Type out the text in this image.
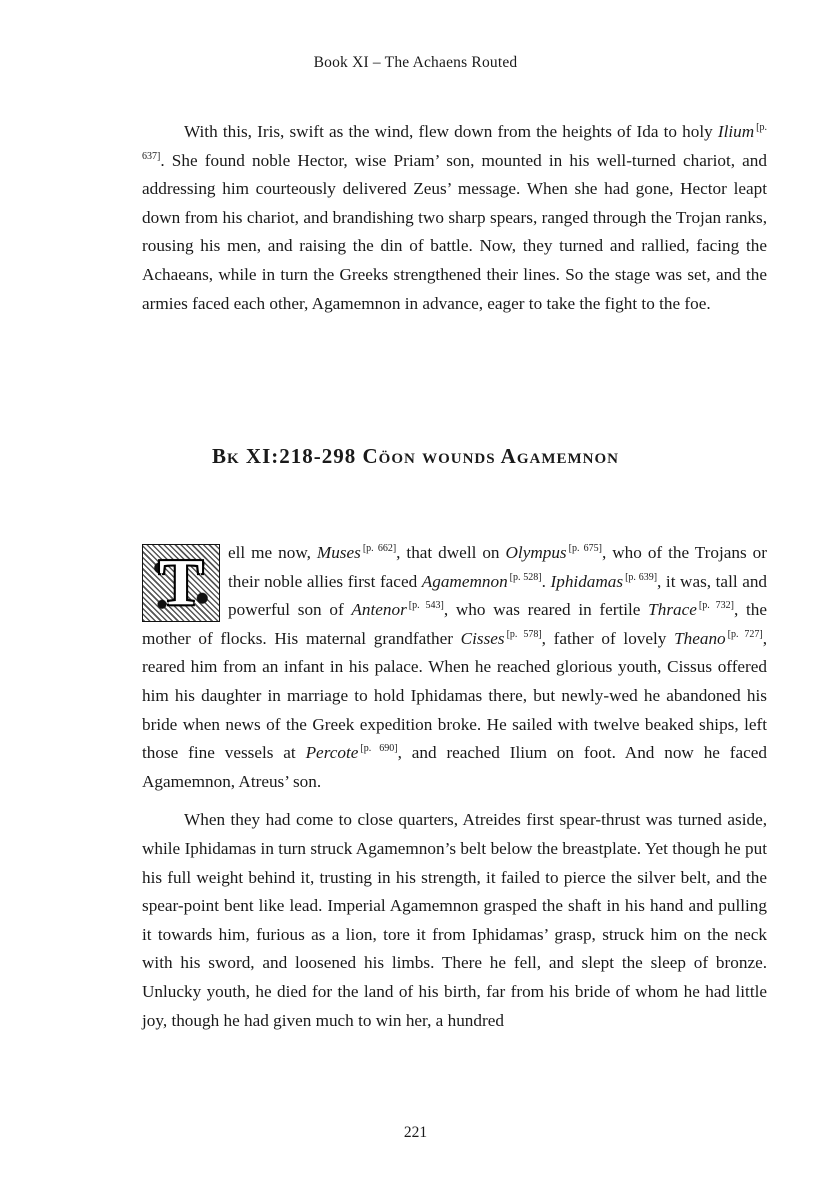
Book XI – The Achaens Routed

With this, Iris, swift as the wind, flew down from the heights of Ida to holy Ilium [p. 637]. She found noble Hector, wise Priam’ son, mounted in his well-turned chariot, and addressing him courteously delivered Zeus’ message. When she had gone, Hector leapt down from his chariot, and brandishing two sharp spears, ranged through the Trojan ranks, rousing his men, and raising the din of battle. Now, they turned and rallied, facing the Achaeans, while in turn the Greeks strengthened their lines. So the stage was set, and the armies faced each other, Agamemnon in advance, eager to take the fight to the foe.

Bk XI:218-298 Cöon wounds Agamemnon

T	ell me now, Muses [p. 662], that dwell on Olympus [p. 675], who of the Trojans or their noble allies first faced Agamemnon [p. 528]. Iphidamas [p. 639], it was, tall and powerful son of Antenor [p. 543], who was reared in fertile Thrace [p. 732], the mother of flocks. His maternal grandfather Cisses [p. 578], father of lovely Theano [p. 727], reared him from an infant in his palace. When he reached glorious youth, Cissus offered him his daughter in marriage to hold Iphidamas there, but newly-wed he abandoned his bride when news of the Greek expedition broke. He sailed with twelve beaked ships, left those fine vessels at Percote [p. 690], and reached Ilium on foot. And now he faced Agamemnon, Atreus’ son.

When they had come to close quarters, Atreides first spear-thrust was turned aside, while Iphidamas in turn struck Agamemnon’s belt below the breastplate. Yet though he put his full weight behind it, trusting in his strength, it failed to pierce the silver belt, and the spear-point bent like lead. Imperial Agamemnon grasped the shaft in his hand and pulling it towards him, furious as a lion, tore it from Iphidamas’ grasp, struck him on the neck with his sword, and loosened his limbs. There he fell, and slept the sleep of bronze. Unlucky youth, he died for the land of his birth, far from his bride of whom he had little joy, though he had given much to win her, a hundred

221
